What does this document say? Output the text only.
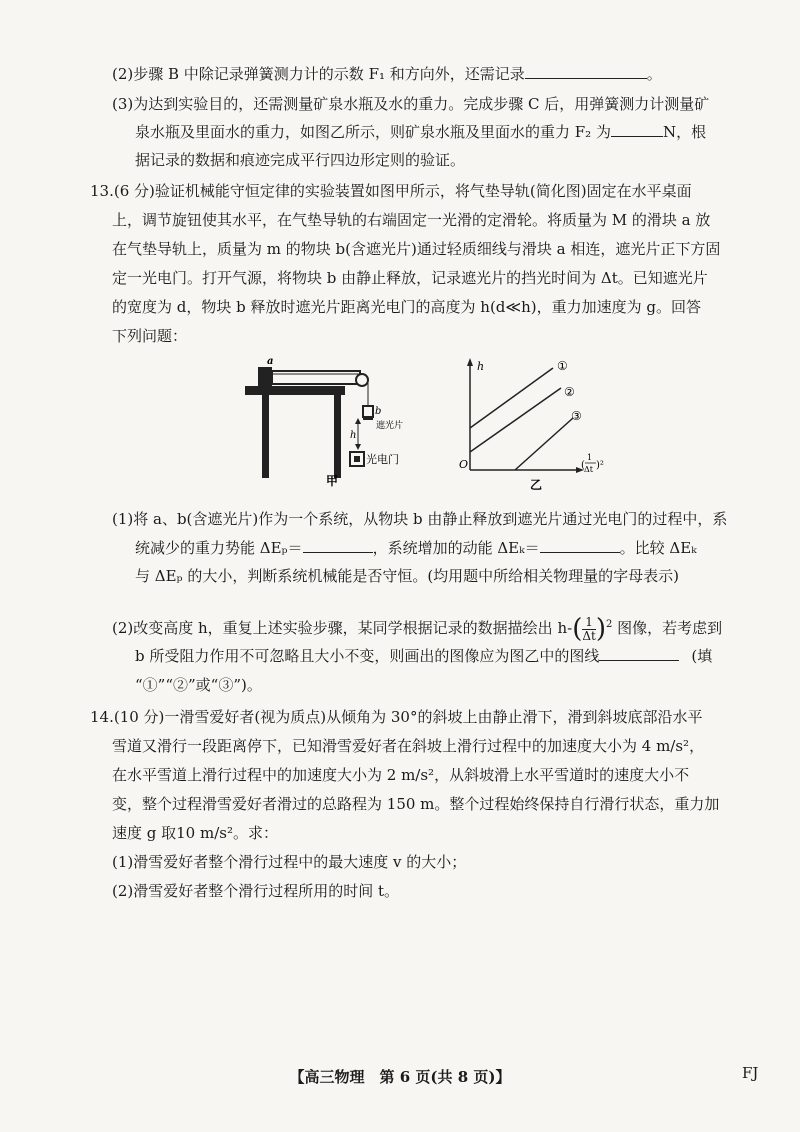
(2)步骤 B 中除记录弹簧测力计的示数 F₁ 和方向外，还需记录	。
(3)为达到实验目的，还需测量矿泉水瓶及水的重力。完成步骤 C 后，用弹簧测力计测量矿
泉水瓶及里面水的重力，如图乙所示，则矿泉水瓶及里面水的重力 F₂ 为	N，根
据记录的数据和痕迹完成平行四边形定则的验证。
13.(6 分)验证机械能守恒定律的实验装置如图甲所示，将气垫导轨(简化图)固定在水平桌面
上，调节旋钮使其水平，在气垫导轨的右端固定一光滑的定滑轮。将质量为 M 的滑块 a 放
在气垫导轨上，质量为 m 的物块 b(含遮光片)通过轻质细线与滑块 a 相连，遮光片正下方固
定一光电门。打开气源，将物块 b 由静止释放，记录遮光片的挡光时间为 Δt。已知遮光片
的宽度为 d，物块 b 释放时遮光片距离光电门的高度为 h(d≪h)，重力加速度为 g。回答
下列问题：
a
b
h
遮光片
光电门
甲
h
O
①
②
③
(
1
Δt )²
乙
(1)将 a、b(含遮光片)作为一个系统，从物块 b 由静止释放到遮光片通过光电门的过程中，系
统减少的重力势能 ΔEₚ＝	，系统增加的动能 ΔEₖ＝	。比较 ΔEₖ
与 ΔEₚ 的大小，判断系统机械能是否守恒。(均用题中所给相关物理量的字母表示)
(2)改变高度 h，重复上述实验步骤，某同学根据记录的数据描绘出 $h-( \frac{1}{\Delta t} )^2$ 图像，若考虑到
b 所受阻力作用不可忽略且大小不变，则画出的图像应为图乙中的图线	(填
“①”“②”或“③”)。
14.(10 分)一滑雪爱好者(视为质点)从倾角为 30°的斜坡上由静止滑下，滑到斜坡底部沿水平
雪道又滑行一段距离停下，已知滑雪爱好者在斜坡上滑行过程中的加速度大小为 4 m/s²，
在水平雪道上滑行过程中的加速度大小为 2 m/s²，从斜坡滑上水平雪道时的速度大小不
变，整个过程滑雪爱好者滑过的总路程为 150 m。整个过程始终保持自行滑行状态，重力加
速度 g 取10 m/s²。求：
(1)滑雪爱好者整个滑行过程中的最大速度 v 的大小；
(2)滑雪爱好者整个滑行过程所用的时间 t。
【高三物理　第 6 页(共 8 页)】	FJ
